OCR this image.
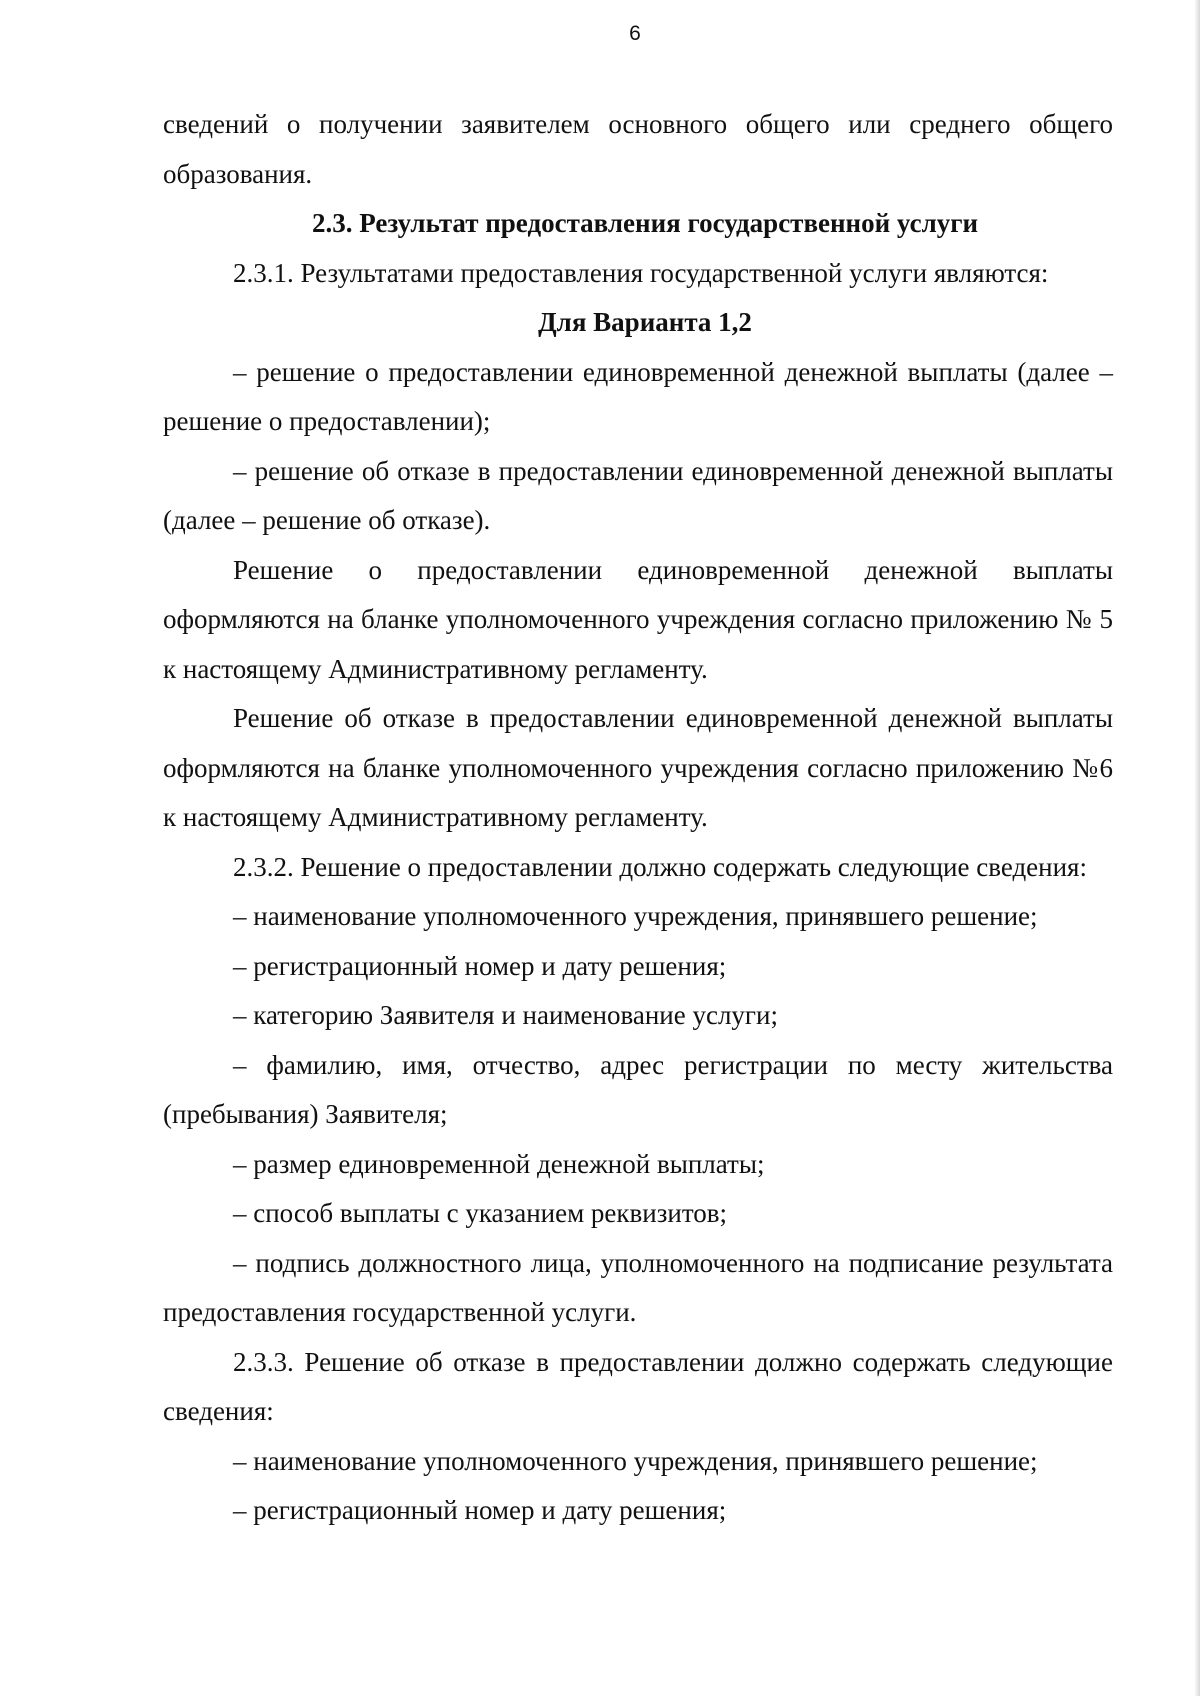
6

сведений о получении заявителем основного общего или среднего общего образования.

2.3. Результат предоставления государственной услуги

2.3.1. Результатами предоставления государственной услуги являются:

Для Варианта 1,2

– решение о предоставлении единовременной денежной выплаты (далее – решение о предоставлении);

– решение об отказе в предоставлении единовременной денежной выплаты (далее – решение об отказе).

Решение о предоставлении единовременной денежной выплаты оформляются на бланке уполномоченного учреждения согласно приложению № 5 к настоящему Административному регламенту.

Решение об отказе в предоставлении единовременной денежной выплаты оформляются на бланке уполномоченного учреждения согласно приложению №6 к настоящему Административному регламенту.

2.3.2. Решение о предоставлении должно содержать следующие сведения:

– наименование уполномоченного учреждения, принявшего решение;

– регистрационный номер и дату решения;

– категорию Заявителя и наименование услуги;

– фамилию, имя, отчество, адрес регистрации по месту жительства (пребывания) Заявителя;

– размер единовременной денежной выплаты;

– способ выплаты с указанием реквизитов;

– подпись должностного лица, уполномоченного на подписание результата предоставления государственной услуги.

2.3.3. Решение об отказе в предоставлении должно содержать следующие сведения:

– наименование уполномоченного учреждения, принявшего решение;

– регистрационный номер и дату решения;
